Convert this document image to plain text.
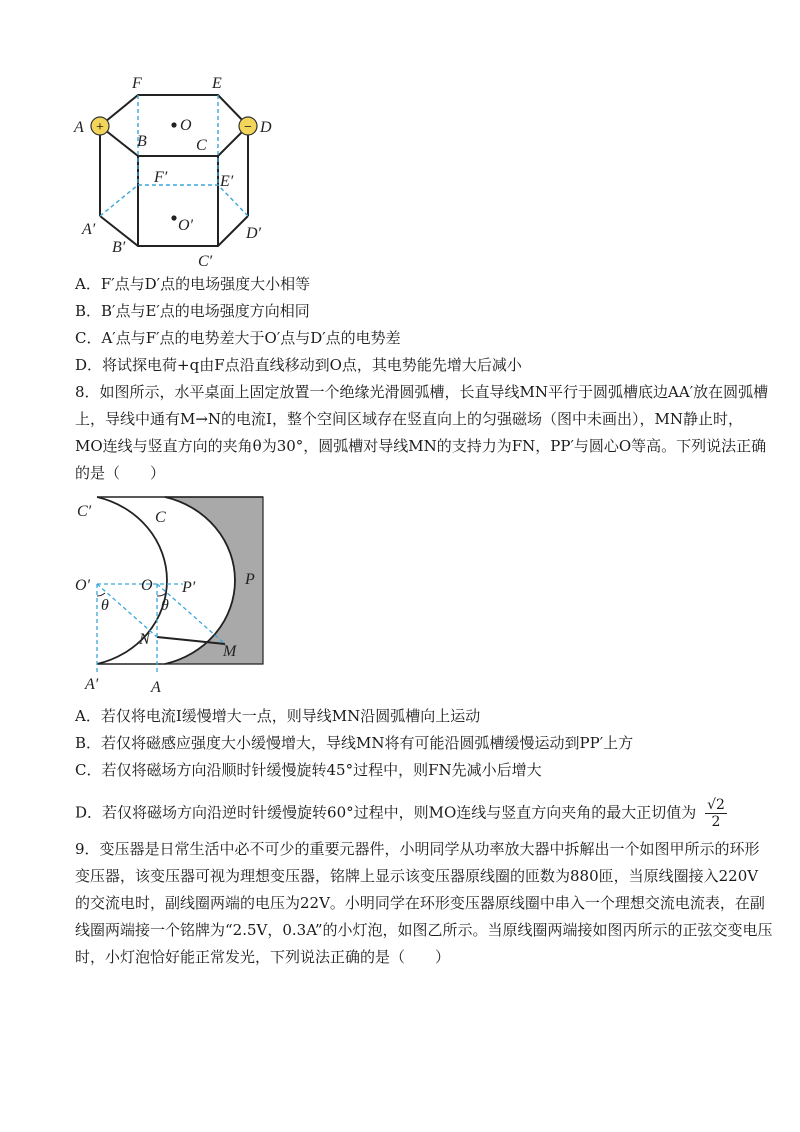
+	−
A
F	E
D
O
B	C
F′	E′
O′
A′
B′
D′
C′
A．F′点与D′点的电场强度大小相等
B．B′点与E′点的电场强度方向相同
C．A′点与F′点的电势差大于O′点与D′点的电势差
D．将试探电荷+q由F点沿直线移动到O点，其电势能先增大后减小
8．如图所示，水平桌面上固定放置一个绝缘光滑圆弧槽，长直导线MN平行于圆弧槽底边AA′放在圆弧槽
上，导线中通有M→N的电流I，整个空间区域存在竖直向上的匀强磁场（图中未画出），MN静止时，
MO连线与竖直方向的夹角θ为30°，圆弧槽对导线MN的支持力为FN，PP′与圆心O等高。下列说法正确
的是（　　）
C′	C
O′	O P′	P
θ	θ
N
M
A′	A
A．若仅将电流I缓慢增大一点，则导线MN沿圆弧槽向上运动
B．若仅将磁感应强度大小缓慢增大，导线MN将有可能沿圆弧槽缓慢运动到PP′上方
C．若仅将磁场方向沿顺时针缓慢旋转45°过程中，则FN先减小后增大
D．若仅将磁场方向沿逆时针缓慢旋转60°过程中，则MO连线与竖直方向夹角的最大正切值为 $\frac{√2}{2}$
9．变压器是日常生活中必不可少的重要元器件，小明同学从功率放大器中拆解出一个如图甲所示的环形
变压器，该变压器可视为理想变压器，铭牌上显示该变压器原线圈的匝数为880匝，当原线圈接入220V
的交流电时，副线圈两端的电压为22V。小明同学在环形变压器原线圈中串入一个理想交流电流表，在副
线圈两端接一个铭牌为“2.5V，0.3A”的小灯泡，如图乙所示。当原线圈两端接如图丙所示的正弦交变电压
时，小灯泡恰好能正常发光，下列说法正确的是（　　）
